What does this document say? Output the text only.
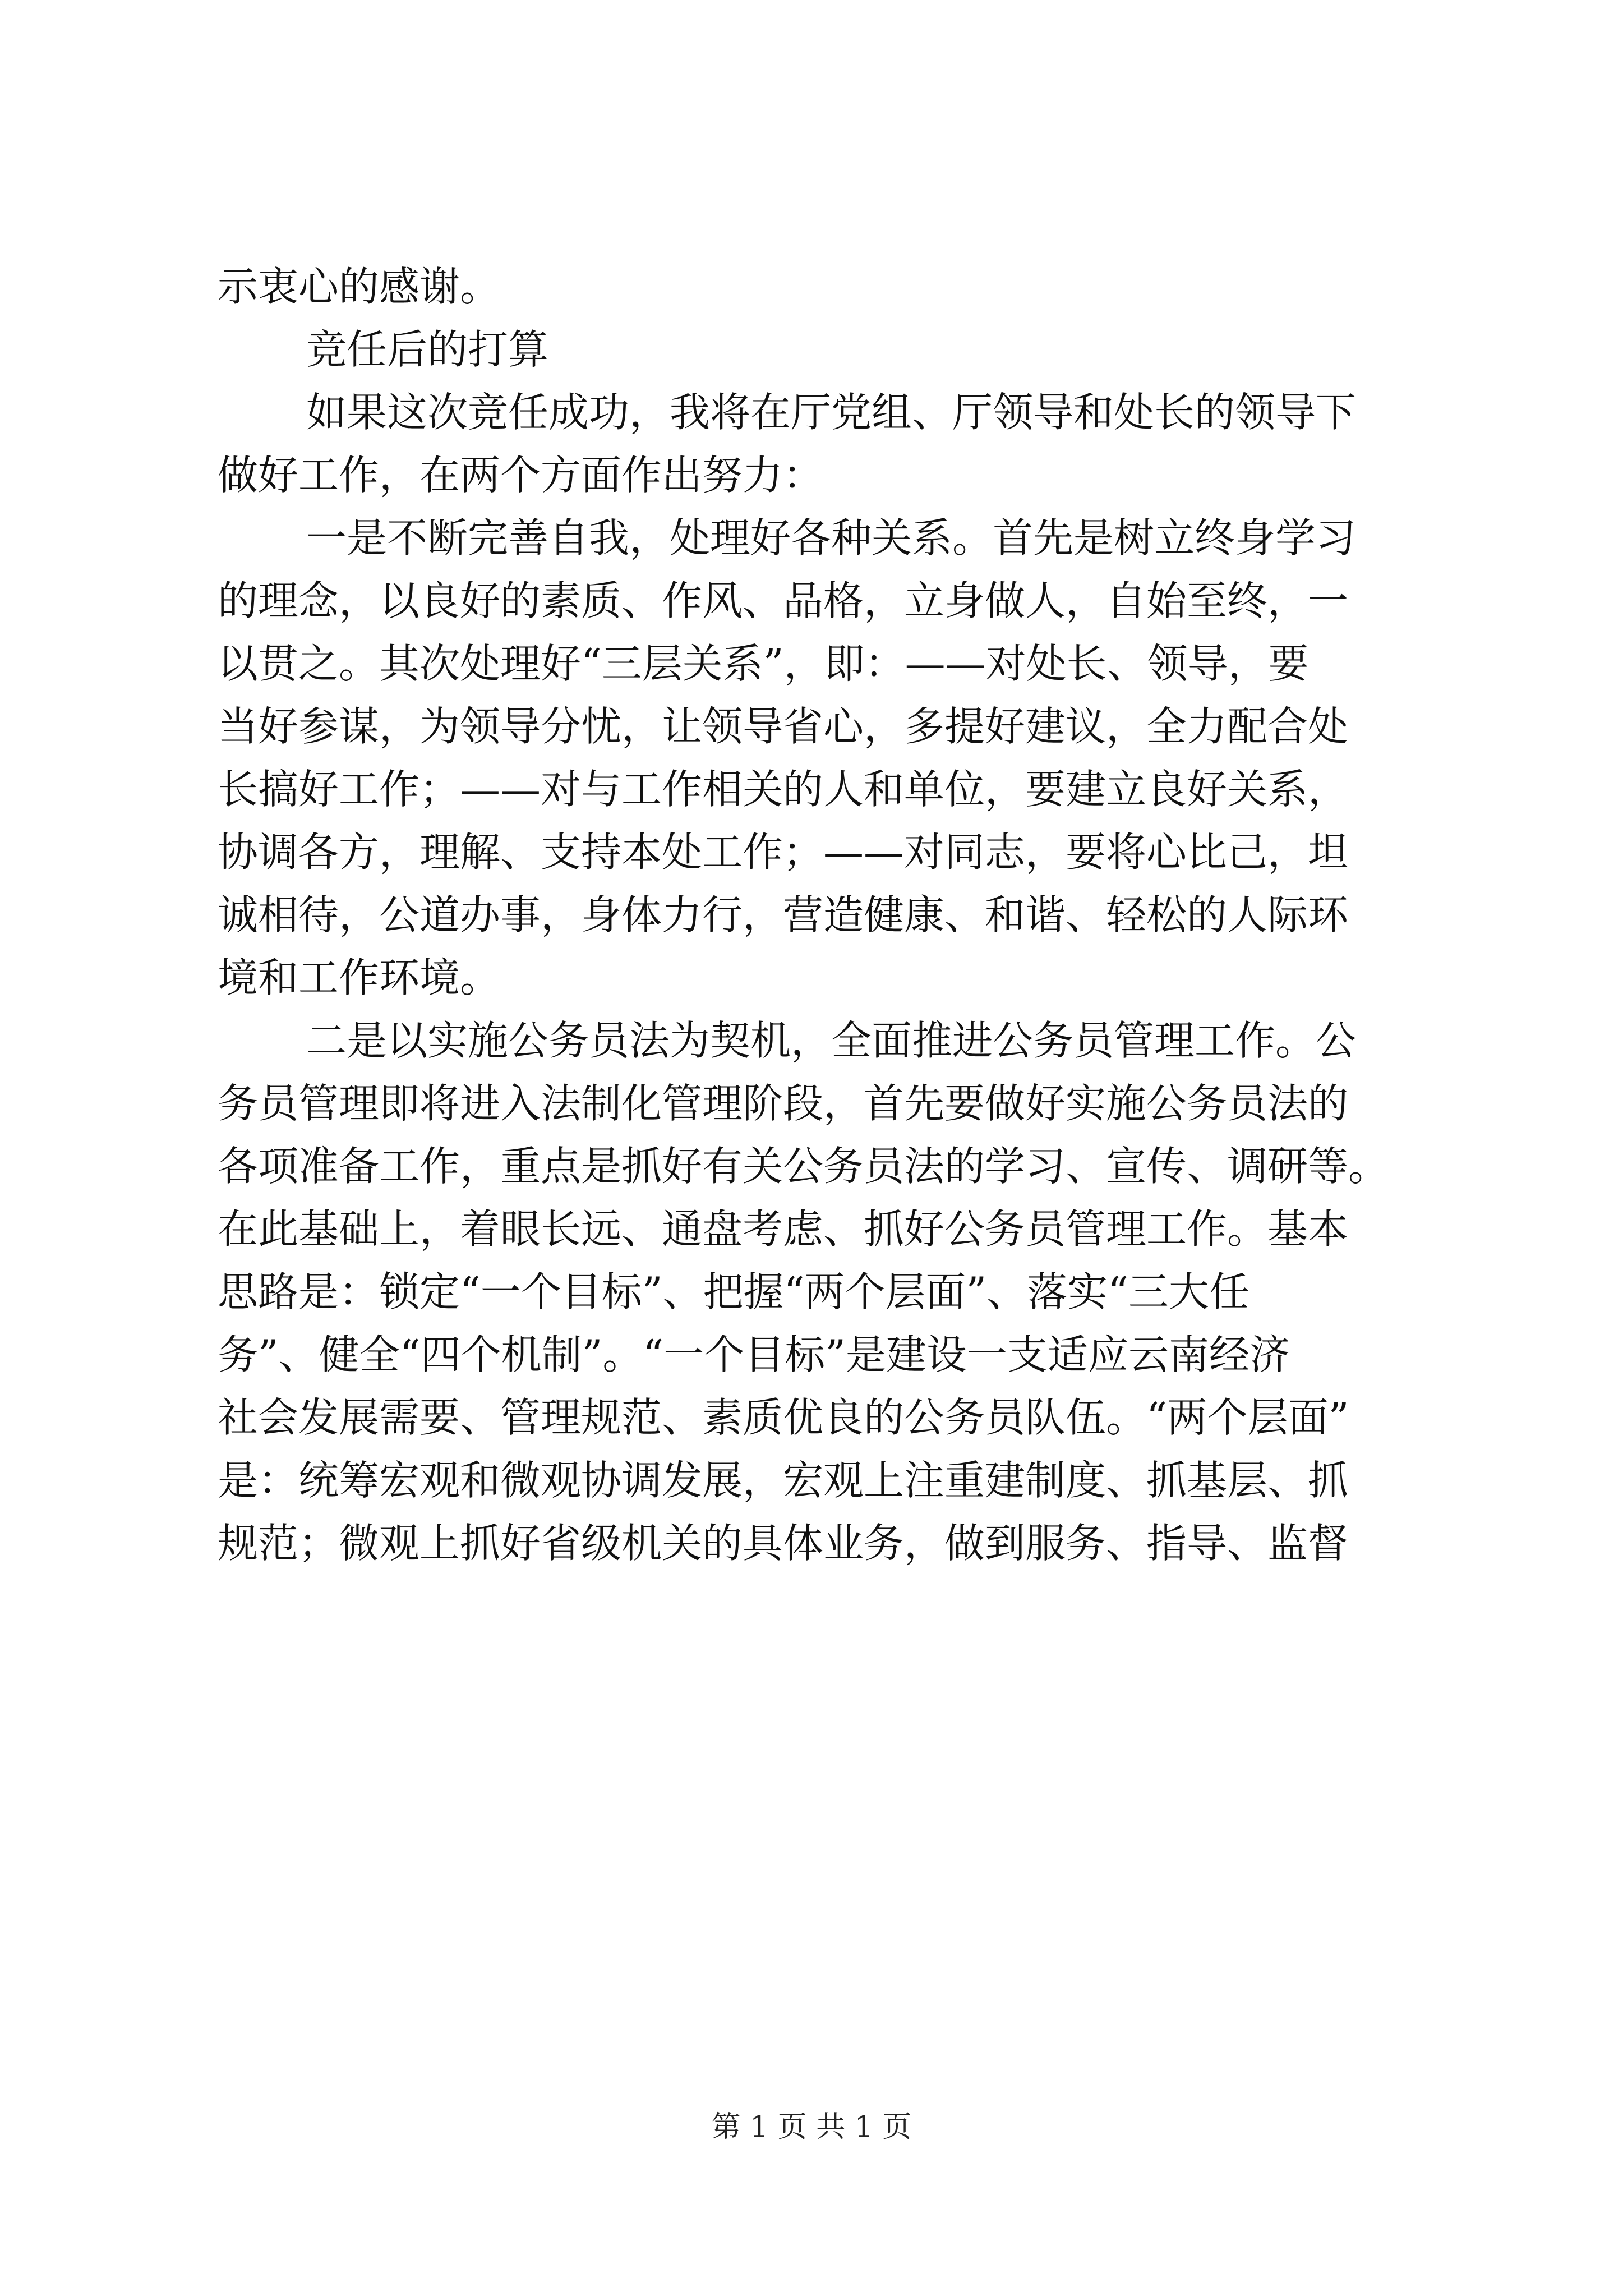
示衷心的感谢。
竞任后的打算
如果这次竞任成功，我将在厅党组、厅领导和处长的领导下
做好工作，在两个方面作出努力：
一是不断完善自我，处理好各种关系。首先是树立终身学习
的理念，以良好的素质、作风、品格，立身做人，自始至终，一
以贯之。其次处理好“三层关系”，即：——对处长、领导，要
当好参谋，为领导分忧，让领导省心，多提好建议，全力配合处
长搞好工作；——对与工作相关的人和单位，要建立良好关系，
协调各方，理解、支持本处工作；——对同志，要将心比己，坦
诚相待，公道办事，身体力行，营造健康、和谐、轻松的人际环
境和工作环境。
二是以实施公务员法为契机，全面推进公务员管理工作。公
务员管理即将进入法制化管理阶段，首先要做好实施公务员法的
各项准备工作，重点是抓好有关公务员法的学习、宣传、调研等。
在此基础上，着眼长远、通盘考虑、抓好公务员管理工作。基本
思路是：锁定“一个目标”、把握“两个层面”、落实“三大任
务”、健全“四个机制”。“一个目标”是建设一支适应云南经济
社会发展需要、管理规范、素质优良的公务员队伍。“两个层面”
是：统筹宏观和微观协调发展，宏观上注重建制度、抓基层、抓
规范；微观上抓好省级机关的具体业务，做到服务、指导、监督
第 1 页 共 1 页
